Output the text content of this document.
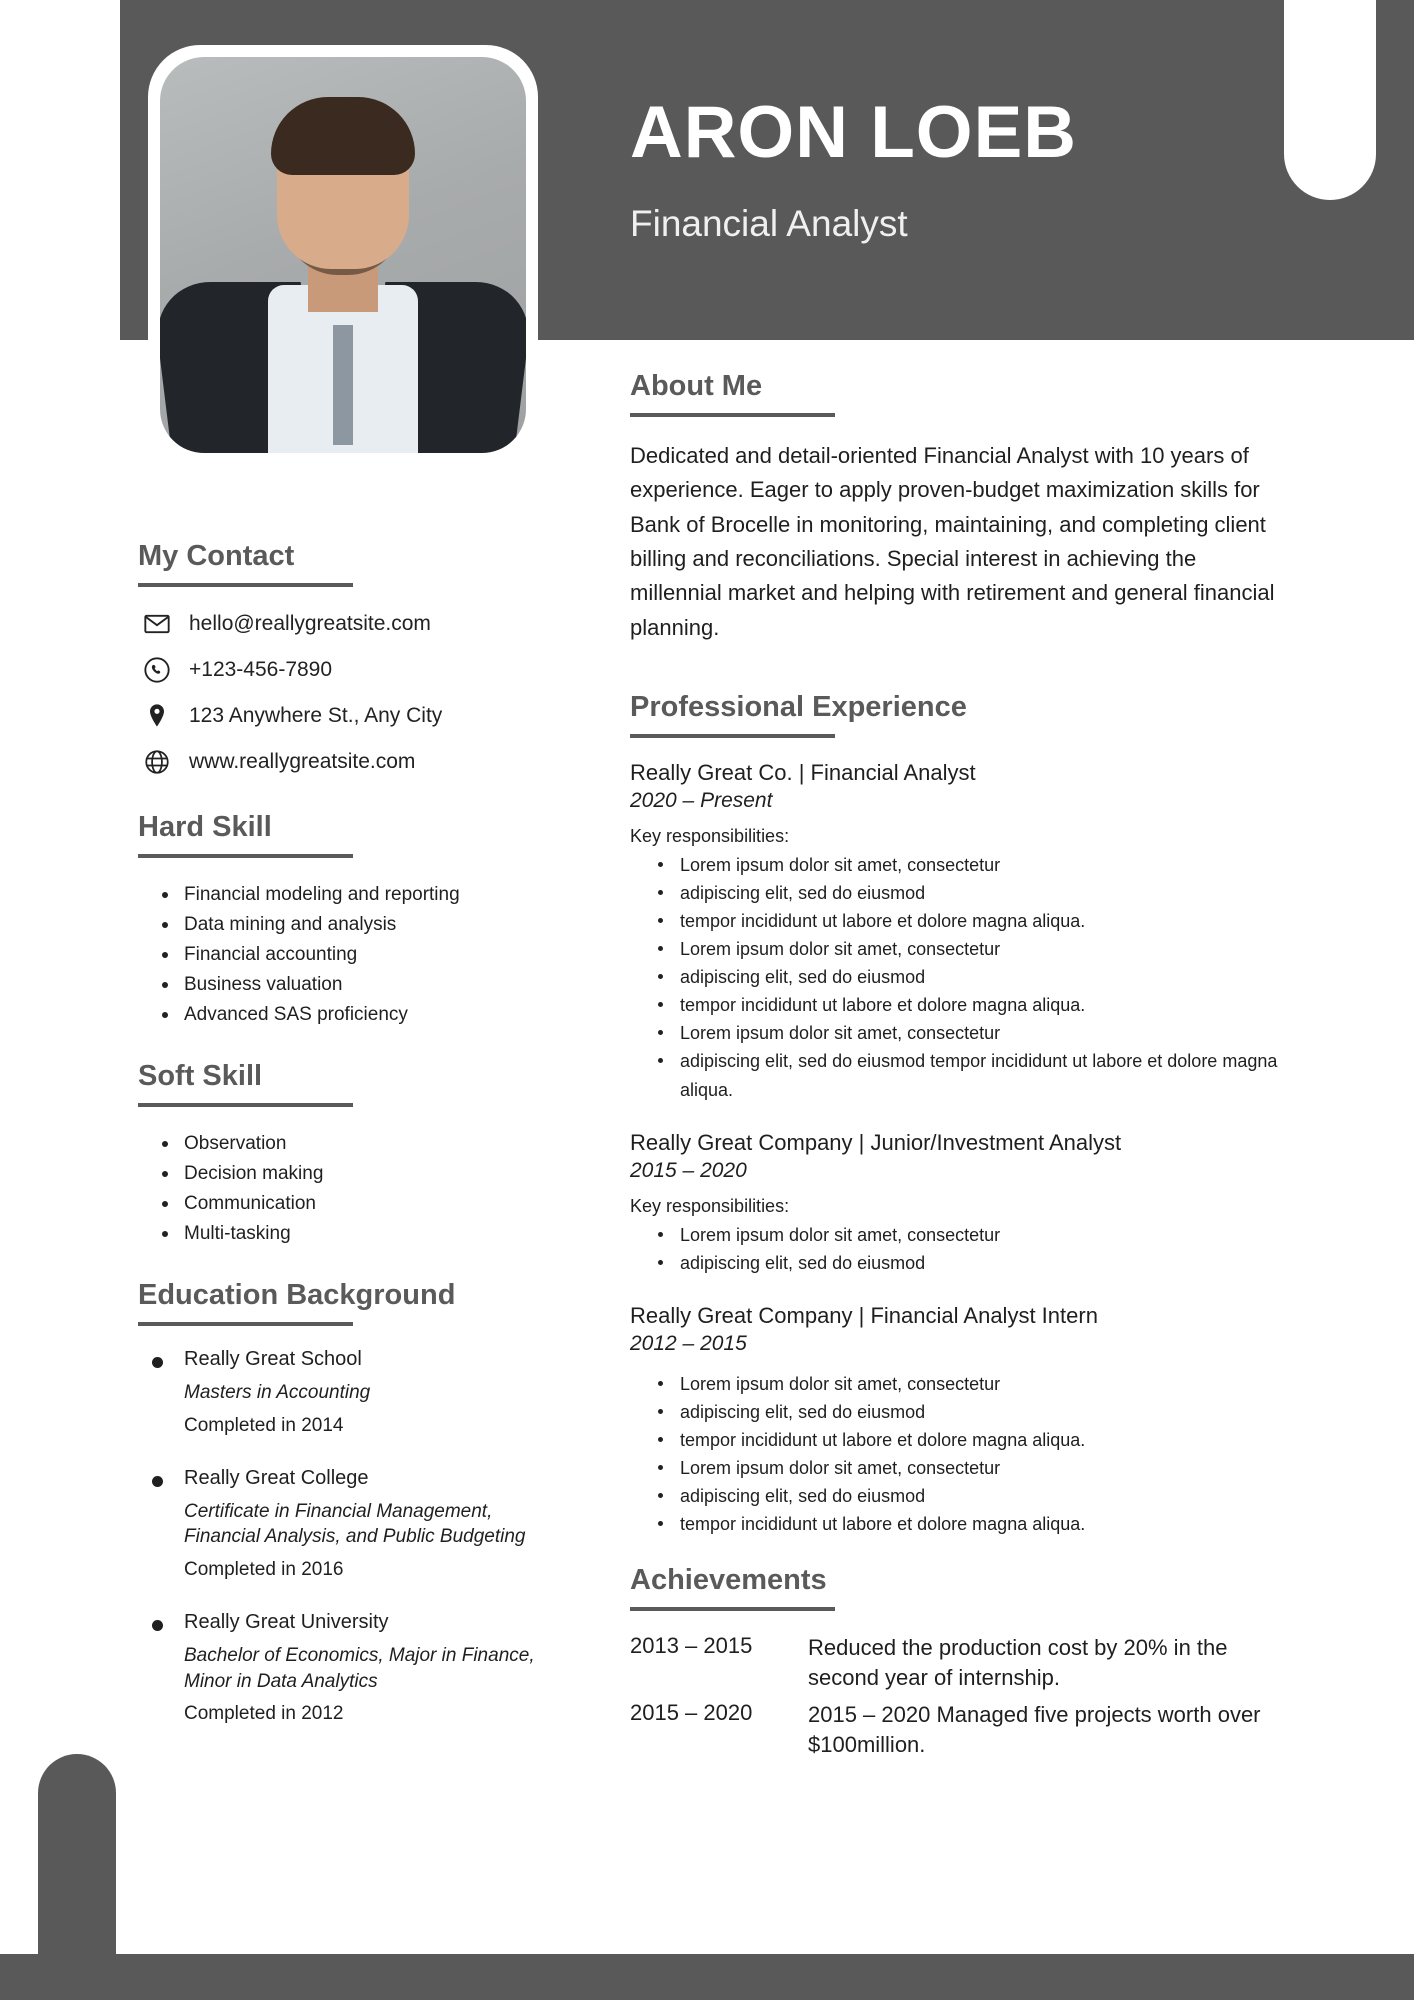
ARON LOEB
Financial Analyst
My Contact
hello@reallygreatsite.com
+123-456-7890
123 Anywhere St., Any City
www.reallygreatsite.com
Hard Skill
Financial modeling and reporting
Data mining and analysis
Financial accounting
Business valuation
Advanced SAS proficiency
Soft Skill
Observation
Decision making
Communication
Multi-tasking
Education Background
Really Great School
Masters in Accounting
Completed in 2014
Really Great College
Certificate in Financial Management, Financial Analysis, and Public Budgeting
Completed in 2016
Really Great University
Bachelor of Economics, Major in Finance, Minor in Data Analytics
Completed in 2012
About Me

Dedicated and detail-oriented Financial Analyst with 10 years of experience. Eager to apply proven-budget maximization skills for Bank of Brocelle in monitoring, maintaining, and completing client billing and reconciliations. Special interest in achieving the millennial market and helping with retirement and general financial planning.

Professional Experience
Really Great Co. | Financial Analyst
2020 – Present
Key responsibilities:
Lorem ipsum dolor sit amet, consectetur
adipiscing elit, sed do eiusmod
tempor incididunt ut labore et dolore magna aliqua.
Lorem ipsum dolor sit amet, consectetur
adipiscing elit, sed do eiusmod
tempor incididunt ut labore et dolore magna aliqua.
Lorem ipsum dolor sit amet, consectetur
adipiscing elit, sed do eiusmod tempor incididunt ut labore et dolore magna aliqua.
Really Great Company | Junior/Investment Analyst
2015 – 2020
Key responsibilities:
Lorem ipsum dolor sit amet, consectetur
adipiscing elit, sed do eiusmod
Really Great Company | Financial Analyst Intern
2012 – 2015
Lorem ipsum dolor sit amet, consectetur
adipiscing elit, sed do eiusmod
tempor incididunt ut labore et dolore magna aliqua.
Lorem ipsum dolor sit amet, consectetur
adipiscing elit, sed do eiusmod
tempor incididunt ut labore et dolore magna aliqua.
Achievements
2013 – 2015	Reduced the production cost by 20% in the second year of internship.
2015 – 2020	2015 – 2020 Managed five projects worth over $100million.
